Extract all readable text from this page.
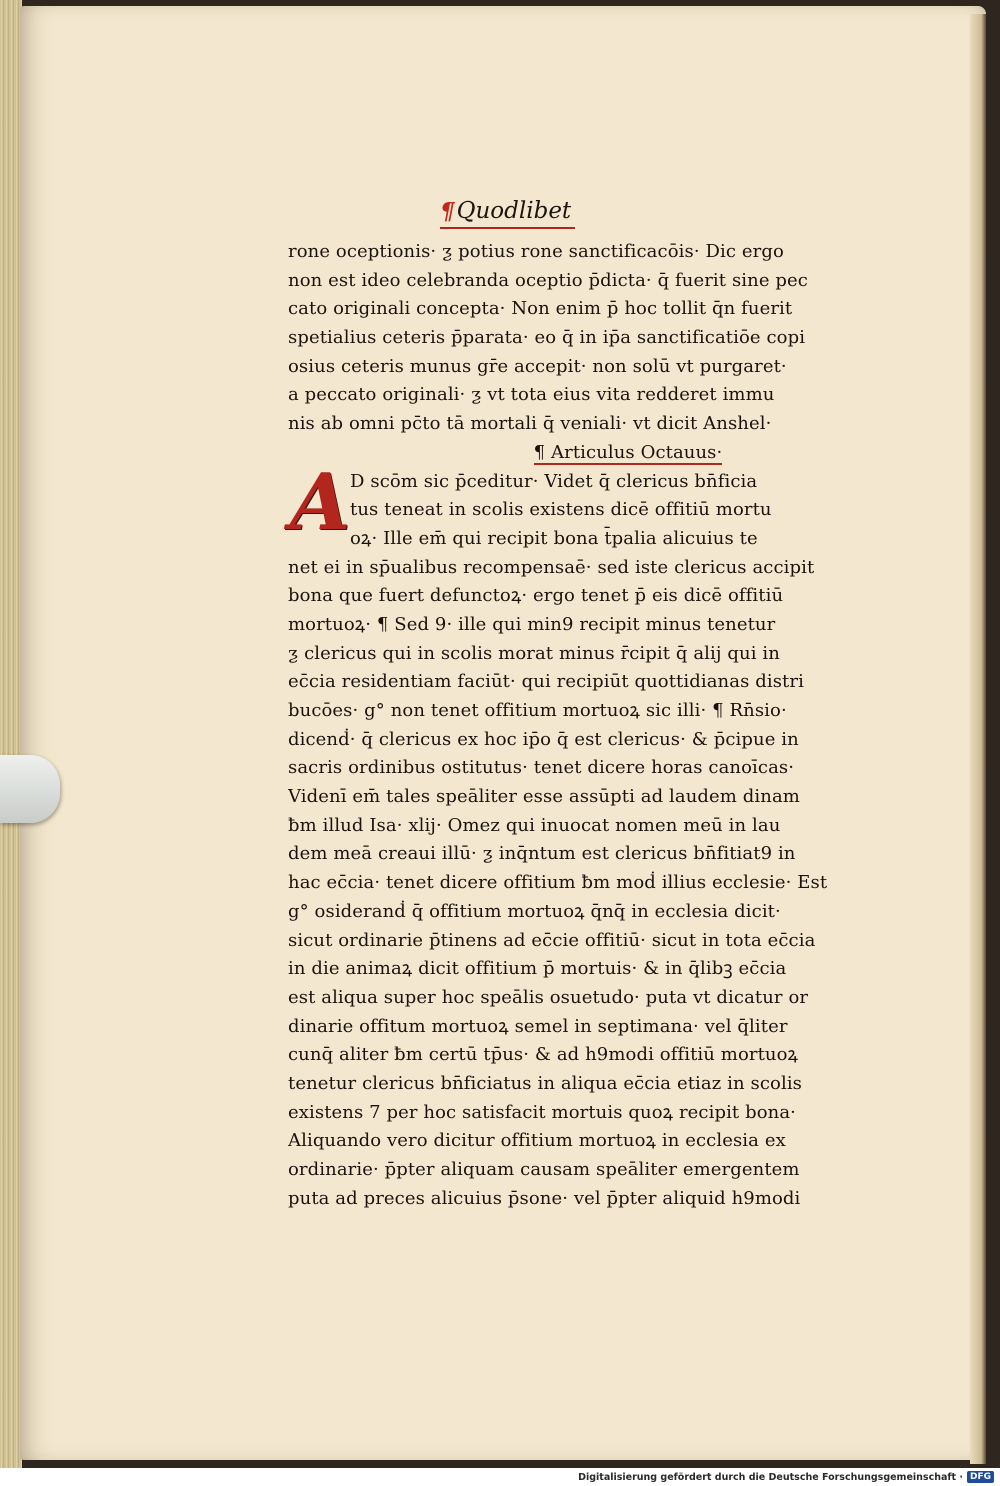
¶ Quodlibet
A
rone oceptionis· ƺ potius rone sanctificacōis· Dic ergo
non est ideo celebranda oceptio p̄dicta· q̄ fuerit sine pec
cato originali concepta· Non enim p̄ hoc tollit q̄n fuerit
spetialius ceteris p̄parata· eo q̄ in ip̄a sanctificatiōe copi
osius ceteris munus gr̄e accepit· non solū vt purgaret·
a peccato originali· ƺ vt tota eius vita redderet immu
nis ab omni pc̄to tā mortali q̄ veniali· vt dicit Anshel·
¶ Articulus Octauus·
D scōm sic p̄ceditur· Videt q̄ clericus bn̄ficia
tus teneat in scolis existens dicē offitiū mortu
oꝝ· Ille em̄ qui recipit bona t̄palia alicuius te
net ei in sp̄ualibus recompensaē· sed iste clericus accipit
bona que fuert defunctoꝝ· ergo tenet p̄ eis dicē offitiū
mortuoꝝ· ¶ Sed 9· ille qui min9 recipit minus tenetur
ƺ clericus qui in scolis morat minus r̄cipit q̄ alij qui in
ec̄cia residentiam faciūt· qui recipiūt quottidianas distri
bucōes· g° non tenet offitium mortuoꝝ sic illi· ¶ Rn̄sio·
dicenḋ· q̄ clericus ex hoc ip̄o q̄ est clericus· & p̄cipue in
sacris ordinibus ostitutus· tenet dicere horas canoīcas·
Videnī em̄ tales speāliter esse assūpti ad laudem dinam
ƀm illud Isa· xlij· Omez qui inuocat nomen meū in lau
dem meā creaui illū· ƺ inq̄ntum est clericus bn̄fitiat9 in
hac ec̄cia· tenet dicere offitium ƀm moḋ illius ecclesie· Est
g° osideranḋ q̄ offitium mortuoꝝ q̄nq̄ in ecclesia dicit·
sicut ordinarie p̄tinens ad ec̄cie offitiū· sicut in tota ec̄cia
in die animaꝝ dicit offitium p̄ mortuis· & in q̄libꝫ ec̄cia
est aliqua super hoc speālis osuetudo· puta vt dicatur or
dinarie offitum mortuoꝝ semel in septimana· vel q̄liter
cunq̄ aliter ƀm certū tp̄us· & ad h9modi offitiū mortuoꝝ
tenetur clericus bn̄ficiatus in aliqua ec̄cia etiaz in scolis
existens 7 per hoc satisfacit mortuis quoꝝ recipit bona·
Aliquando vero dicitur offitium mortuoꝝ in ecclesia ex
ordinarie· p̄pter aliquam causam speāliter emergentem
puta ad preces alicuius p̄sone· vel p̄pter aliquid h9modi
Digitalisierung gefördert durch die Deutsche Forschungsgemeinschaft · DFG
